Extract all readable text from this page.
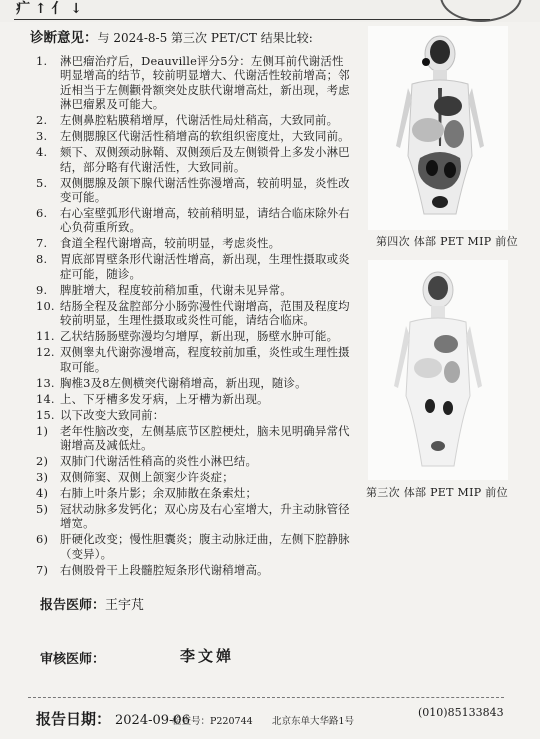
疒 ↑ 亻 ↓
诊断意见：与 2024-8-5 第三次 PET/CT 结果比较:
1. 淋巴瘤治疗后，Deauville评分5分：左侧耳前代谢活性明显增高的结节，较前明显增大、代谢活性较前增高；邻近相当于左侧颧骨额突处皮肤代谢增高灶，新出现，考虑淋巴瘤累及可能大。
2. 左侧鼻腔粘膜稍增厚，代谢活性局灶稍高，大致同前。
3. 左侧腮腺区代谢活性稍增高的软组织密度灶，大致同前。
4. 颏下、双侧颈动脉鞘、双侧颈后及左侧锁骨上多发小淋巴结，部分略有代谢活性，大致同前。
5. 双侧腮腺及颌下腺代谢活性弥漫增高，较前明显，炎性改变可能。
6. 右心室壁弧形代谢增高，较前稍明显，请结合临床除外右心负荷重所致。
7. 食道全程代谢增高，较前明显，考虑炎性。
8. 胃底部胃壁条形代谢活性增高，新出现，生理性摄取或炎症可能，随诊。
9. 脾脏增大，程度较前稍加重，代谢未见异常。
10. 结肠全程及盆腔部分小肠弥漫性代谢增高，范围及程度均较前明显，生理性摄取或炎性可能，请结合临床。
11. 乙状结肠肠壁弥漫均匀增厚，新出现，肠壁水肿可能。
12. 双侧睾丸代谢弥漫增高，程度较前加重，炎性或生理性摄取可能。
13. 胸椎3及8左侧横突代谢稍增高，新出现，随诊。
14. 上、下牙槽多发牙病，上牙槽为新出现。
15. 以下改变大致同前：
1) 老年性脑改变，左侧基底节区腔梗灶，脑未见明确异常代谢增高及减低灶。
2) 双肺门代谢活性稍高的炎性小淋巴结。
3) 双侧筛窦、双侧上颌窦少许炎症；
4) 右肺上叶条片影；余双肺散在条索灶；
5) 冠状动脉多发钙化；双心房及右心室增大，升主动脉管径增宽。
6) 肝硬化改变；慢性胆囊炎；腹主动脉迂曲，左侧下腔静脉（变异）。
7) 右侧股骨干上段髓腔短条形代谢稍增高。
第四次 体部 PET MIP 前位
第三次 体部 PET MIP 前位
报告医师：王宇芃
审核医师：	李文婵
报告日期： 2024-09-06
检查号：P220744 北京东单大华路1号
(010)85133843
